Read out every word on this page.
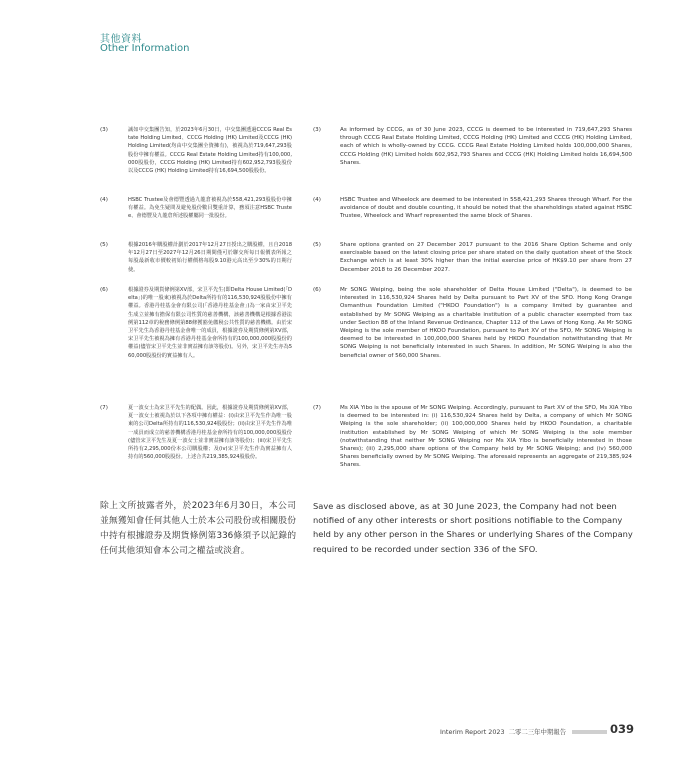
其他資料
Other Information
(3)	誠如中交集團告知，於2023年6月30日，中交集團透過CCCG Real Estate Holding Limited、CCCG Holding (HK) Limited及CCCG (HK) Holding Limited(均由中交集團全資擁有)，被視為於719,647,293股股份中擁有權益。CCCG Real Estate Holding Limited持有100,000,000股股份，CCCG Holding (HK) Limited持有602,952,793股股份以及CCCG (HK) Holding Limited持有16,694,500股股份。
(3)	As informed by CCCG, as of 30 June 2023, CCCG is deemed to be interested in 719,647,293 Shares through CCCG Real Estate Holding Limited, CCCG Holding (HK) Limited and CCCG (HK) Holding Limited, each of which is wholly-owned by CCCG. CCCG Real Estate Holding Limited holds 100,000,000 Shares, CCCG Holding (HK) Limited holds 602,952,793 Shares and CCCG (HK) Holding Limited holds 16,694,500 Shares.
(4)	HSBC Trustee及會德豐透過九龍倉被視為於558,421,293股股份中擁有權益。為免生疑問及避免股份數目雙重計算，務須注意HSBC Trustee、會德豐及九龍倉所述股權屬同一批股份。
(4)	HSBC Trustee and Wheelock are deemed to be interested in 558,421,293 Shares through Wharf. For the avoidance of doubt and double counting, it should be noted that the shareholdings stated against HSBC Trustee, Wheelock and Wharf represented the same block of Shares.
(5)	根據2016年購股權計劃於2017年12月27日授出之購股權，且自2018年12月27日至2027年12月26日期間僅可於聯交所每日報價表所報之每股最新收市價較初始行權價格每股9.10港元高出至少30%的日期行使。
(5)	Share options granted on 27 December 2017 pursuant to the 2016 Share Option Scheme and only exercisable based on the latest closing price per share stated on the daily quotation sheet of the Stock Exchange which is at least 30% higher than the initial exercise price of HK$9.10 per share from 27 December 2018 to 26 December 2027.
(6)	根據證券及期貨條例第XV部，宋卫平先生(即Delta House Limited(「Delta」)的唯一股東)被視為於Delta所持有的116,530,924股股份中擁有權益。香港丹桂基金會有限公司(「香港丹桂基金會」)為一家由宋卫平先生成立並擁有擔保有限公司性質的慈善機構，該慈善機構是根據香港法例第112章的稅務條例第88條獲豁免繳稅公共性質的慈善機構。由於宋卫平先生為香港丹桂基金會唯一的成員，根據證券及期貨條例第XV部，宋卫平先生被視為擁有香港丹桂基金會所持有的100,000,000股股份的權益(儘管宋卫平先生並非實益擁有該等股份)。另外，宋卫平先生亦為560,000股股份的實益擁有人。
(6)	Mr SONG Weiping, being the sole shareholder of Delta House Limited ("Delta"), is deemed to be interested in 116,530,924 Shares held by Delta pursuant to Part XV of the SFO. Hong Kong Orange Osmanthus Foundation Limited ("HKOO Foundation") is a company limited by guarantee and established by Mr SONG Weiping as a charitable institution of a public character exempted from tax under Section 88 of the Inland Revenue Ordinance, Chapter 112 of the Laws of Hong Kong. As Mr SONG Weiping is the sole member of HKOO Foundation, pursuant to Part XV of the SFO, Mr SONG Weiping is deemed to be interested in 100,000,000 Shares held by HKOO Foundation notwithstanding that Mr SONG Weiping is not beneficially interested in such Shares. In addition, Mr SONG Weiping is also the beneficial owner of 560,000 Shares.
(7)	夏一波女士為宋卫平先生的配偶。因此，根據證券及期貨條例第XV部，夏一波女士被視為於以下各項中擁有權益：(i)由宋卫平先生作為唯一股東的公司Delta所持有的116,530,924股股份；(ii)由宋卫平先生作為唯一成員而成立的慈善機構香港丹桂基金會所持有的100,000,000股股份(儘管宋卫平先生及夏一波女士並非實益擁有該等股份)；(iii)宋卫平先生所持有2,295,000份本公司購股權；及(iv)宋卫平先生作為實益擁有人持有的560,000股股份。上述合共219,385,924股股份。
(7)	Ms XIA Yibo is the spouse of Mr SONG Weiping. Accordingly, pursuant to Part XV of the SFO, Ms XIA Yibo is deemed to be interested in: (i) 116,530,924 Shares held by Delta, a company of which Mr SONG Weiping is the sole shareholder; (ii) 100,000,000 Shares held by HKOO Foundation, a charitable institution established by Mr SONG Weiping of which Mr SONG Weiping is the sole member (notwithstanding that neither Mr SONG Weiping nor Ms XIA Yibo is beneficially interested in those Shares); (iii) 2,295,000 share options of the Company held by Mr SONG Weiping; and (iv) 560,000 Shares beneficially owned by Mr SONG Weiping. The aforesaid represents an aggregate of 219,385,924 Shares.
除上文所披露者外，於2023年6月30日，本公司並無獲知會任何其他人士於本公司股份或相關股份中持有根據證券及期貨條例第336條須予以記錄的任何其他須知會本公司之權益或淡倉。
Save as disclosed above, as at 30 June 2023, the Company had not been notified of any other interests or short positions notifiable to the Company held by any other person in the Shares or underlying Shares of the Company required to be recorded under section 336 of the SFO.
Interim Report 2023 二零二三年中期報告	039
